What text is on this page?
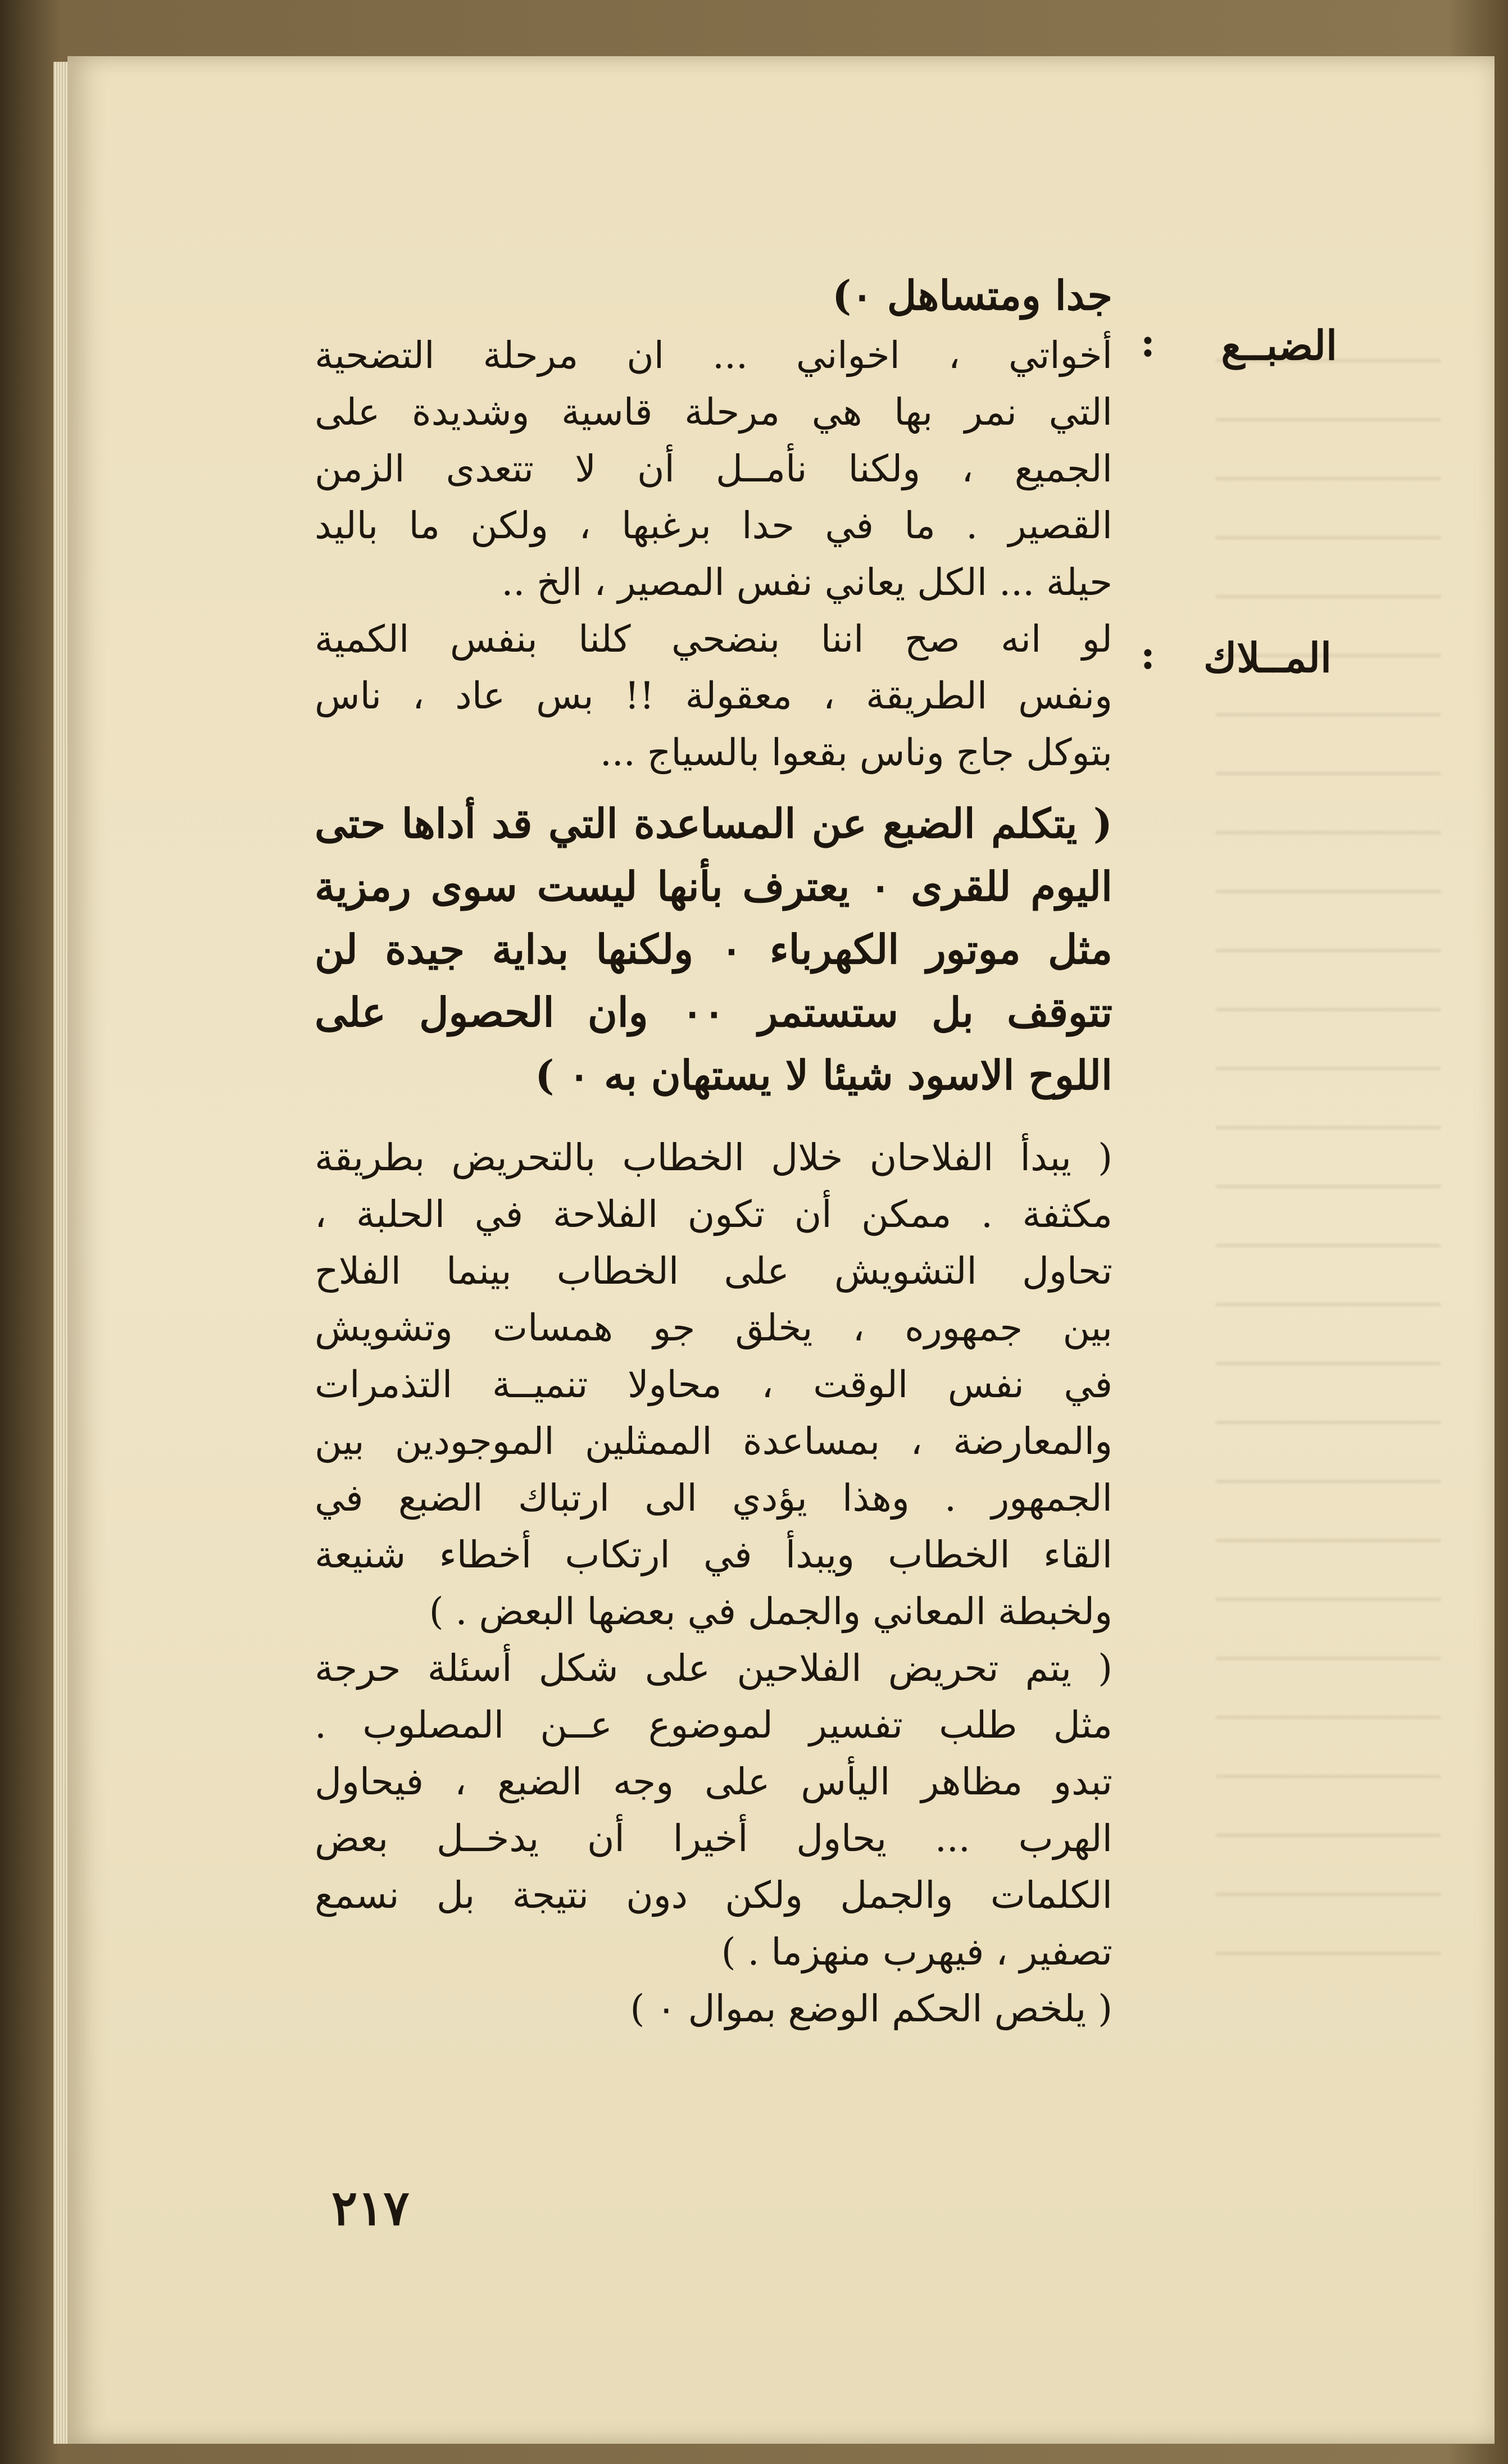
الضبــع
:
المــلاك
:
جدا ومتساهل ٠)
أخواتي ، اخواني ... ان مرحلة التضحية
التي نمر بها هي مرحلة قاسية وشديدة على
الجميع ، ولكنا نأمــل أن لا تتعدى الزمن
القصير . ما في حدا برغبها ، ولكن ما باليد
حيلة ... الكل يعاني نفس المصير ، الخ ..
لو انه صح اننا بنضحي كلنا بنفس الكمية
ونفس الطريقة ، معقولة !! بس عاد ، ناس
بتوكل جاج وناس بقعوا بالسياج ...
( يتكلم الضبع عن المساعدة التي قد أداها حتى
اليوم للقرى ٠ يعترف بأنها ليست سوى رمزية
مثل موتور الكهرباء ٠ ولكنها بداية جيدة لن
تتوقف بل ستستمر ٠٠ وان الحصول على
اللوح الاسود شيئا لا يستهان به ٠ )
( يبدأ الفلاحان خلال الخطاب بالتحريض بطريقة
مكثفة . ممكن أن تكون الفلاحة في الحلبة ،
تحاول التشويش على الخطاب بينما الفلاح
بين جمهوره ، يخلق جو همسات وتشويش
في نفس الوقت ، محاولا تنميــة التذمرات
والمعارضة ، بمساعدة الممثلين الموجودين بين
الجمهور . وهذا يؤدي الى ارتباك الضبع في
القاء الخطاب ويبدأ في ارتكاب أخطاء شنيعة
ولخبطة المعاني والجمل في بعضها البعض . )
( يتم تحريض الفلاحين على شكل أسئلة حرجة
مثل طلب تفسير لموضوع عــن المصلوب .
تبدو مظاهر اليأس على وجه الضبع ، فيحاول
الهرب ... يحاول أخيرا أن يدخــل بعض
الكلمات والجمل ولكن دون نتيجة بل نسمع
تصفير ، فيهرب منهزما . )
( يلخص الحكم الوضع بموال ٠ )
٢١٧
